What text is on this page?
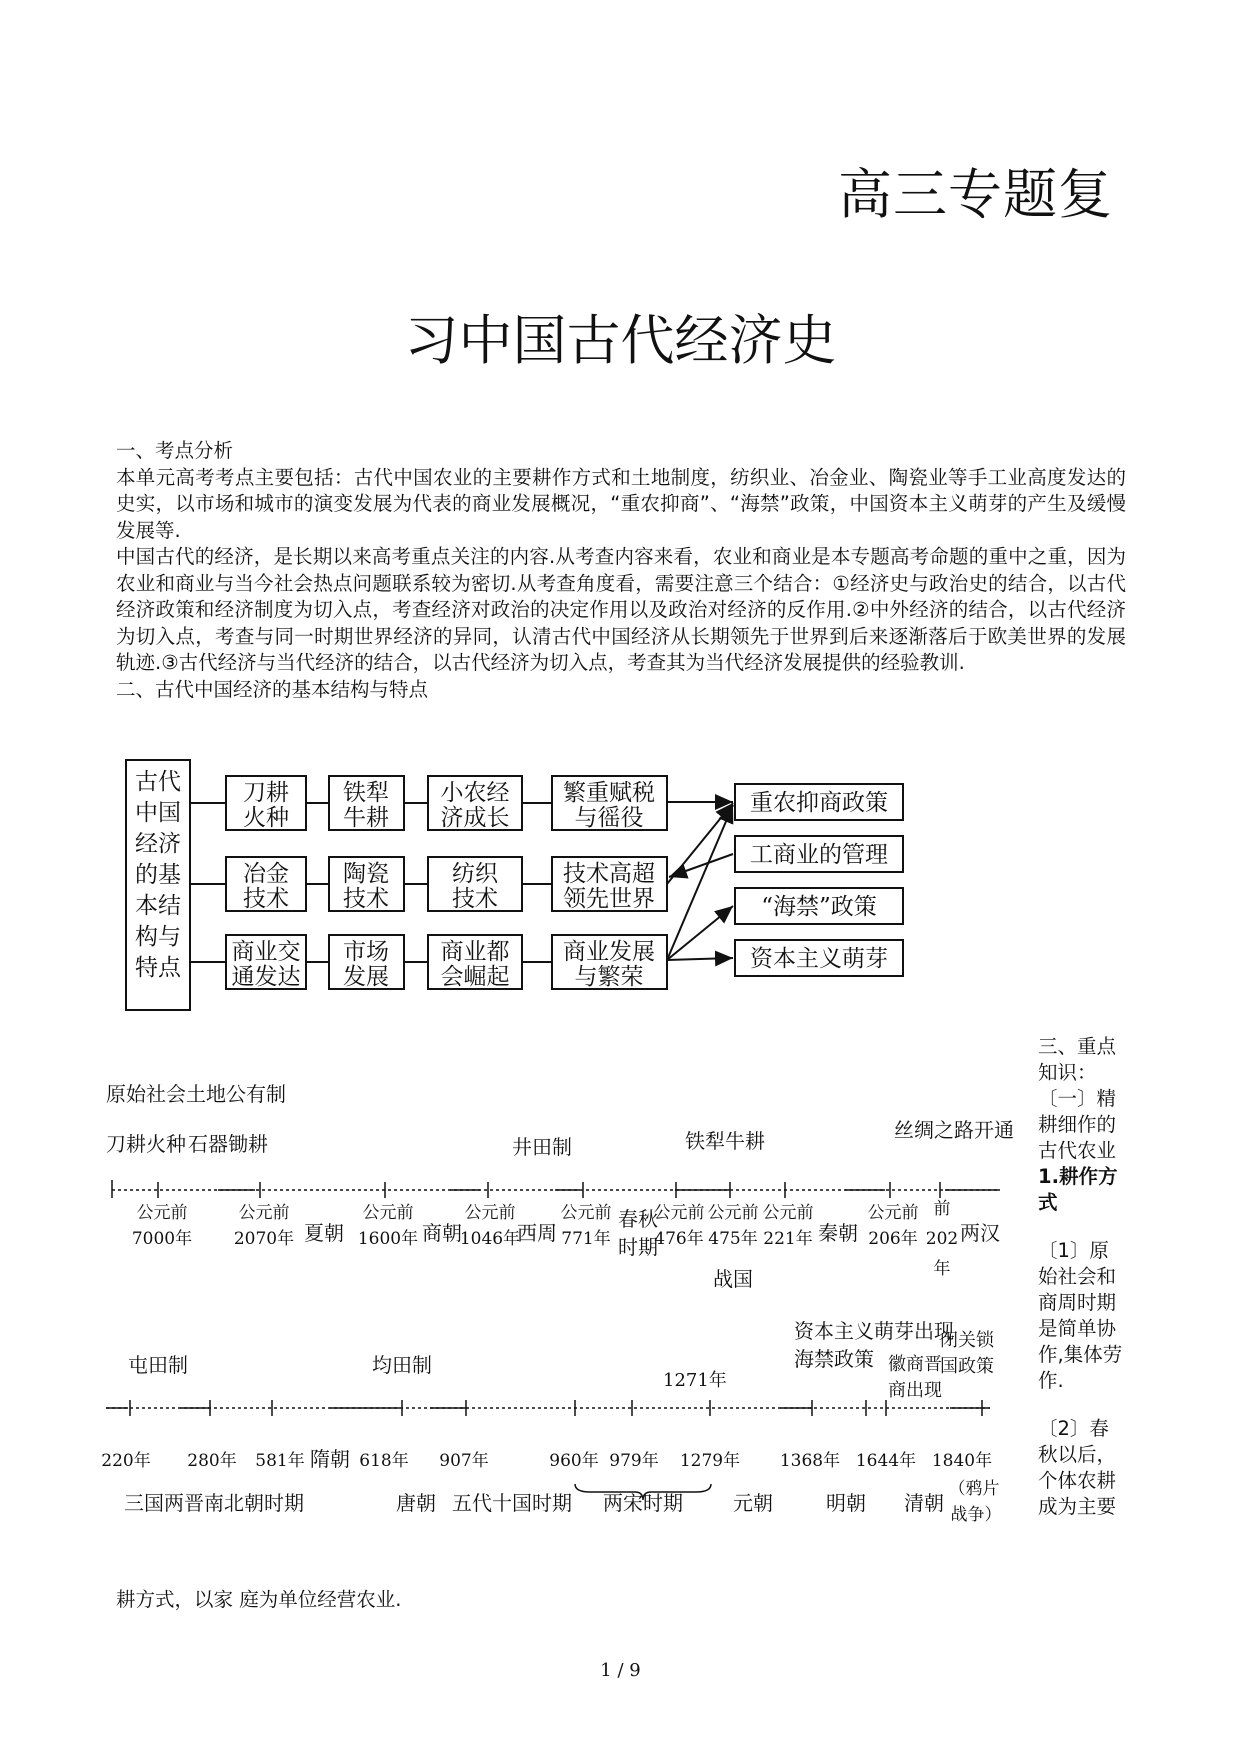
高三专题复
习中国古代经济史

一、考点分析

本单元高考考点主要包括：古代中国农业的主要耕作方式和土地制度，纺织业、冶金业、陶瓷业等手工业高度发达的史实，以市场和城市的演变发展为代表的商业发展概况，“重农抑商”、“海禁”政策，中国资本主义萌芽的产生及缓慢发展等.

中国古代的经济，是长期以来高考重点关注的内容.从考查内容来看，农业和商业是本专题高考命题的重中之重，因为农业和商业与当今社会热点问题联系较为密切.从考查角度看，需要注意三个结合：①经济史与政治史的结合，以古代经济政策和经济制度为切入点，考查经济对政治的决定作用以及政治对经济的反作用.②中外经济的结合，以古代经济为切入点，考查与同一时期世界经济的异同，认清古代中国经济从长期领先于世界到后来逐渐落后于欧美世界的发展轨迹.③古代经济与当代经济的结合，以古代经济为切入点，考查其为当代经济发展提供的经验教训.

二、古代中国经济的基本结构与特点

古代
中国
经济
的基
本结
构与
特点
刀耕
火种
铁犁
牛耕
小农经
济成长
繁重赋税
与徭役
冶金
技术
陶瓷
技术
纺织
技术
技术高超
领先世界
商业交
通发达
市场
发展
商业都
会崛起
商业发展
与繁荣
重农抑商政策
工商业的管理
“海禁”政策
资本主义萌芽
原始社会土地公有制
刀耕火种 石器锄耕	井田制	铁犁牛耕	丝绸之路开通
公元前
7000年
公元前
2070年
公元前
1600年
公元前
1046年
公元前
771年
公元前
476年
公元前
475年
公元前
221年
公元前
206年
前
202
年
夏朝	商朝	西周
春秋
时期
战国
秦朝	两汉
屯田制	均田制
1271年
资本主义萌芽出现
海禁政策 徽商晋
商出现
闭关锁
国政策
220年 280年 581年	618年 907年	960年 979年 1279年 1368年 1644年 1840年
三国两晋南北朝时期
隋朝
唐朝 五代十国时期 两宋时期	元朝	明朝 清朝
（鸦片
战争）

三、重点知识：

〔一〕精耕细作的古代农业

1.耕作方式

〔1〕原始社会和商周时期是简单协作,集体劳作.

〔2〕春秋以后，个体农耕成为主要

耕方式，以家 庭为单位经营农业.
1 / 9
